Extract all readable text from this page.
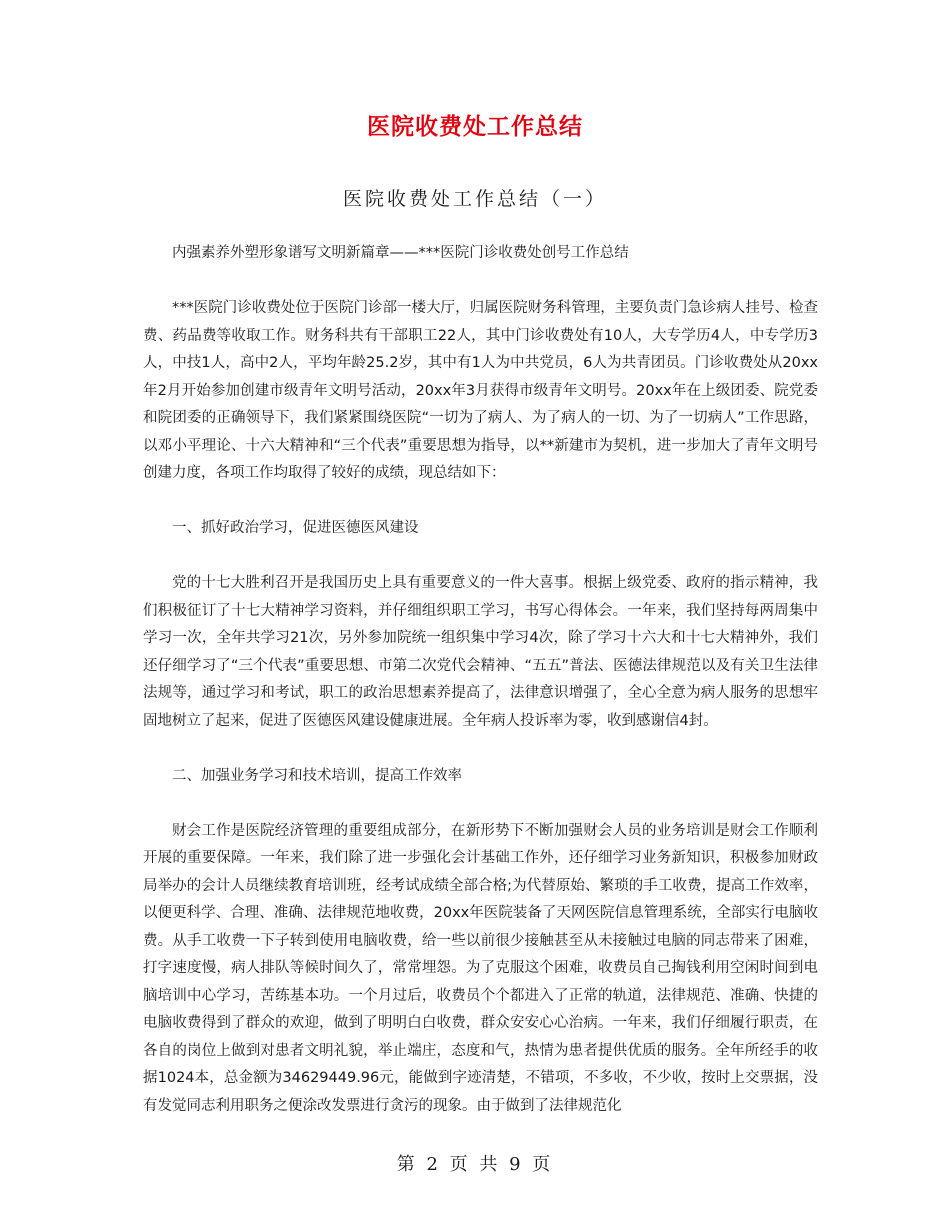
医院收费处工作总结
医院收费处工作总结（一）

内强素养外塑形象谱写文明新篇章——***医院门诊收费处创号工作总结

***医院门诊收费处位于医院门诊部一楼大厅，归属医院财务科管理，主要负责门急诊病人挂号、检查费、药品费等收取工作。财务科共有干部职工22人，其中门诊收费处有10人，大专学历4人，中专学历3人，中技1人，高中2人，平均年龄25.2岁，其中有1人为中共党员，6人为共青团员。门诊收费处从20xx年2月开始参加创建市级青年文明号活动，20xx年3月获得市级青年文明号。20xx年在上级团委、院党委和院团委的正确领导下，我们紧紧围绕医院“一切为了病人、为了病人的一切、为了一切病人”工作思路，以邓小平理论、十六大精神和“三个代表”重要思想为指导，以**新建市为契机，进一步加大了青年文明号创建力度，各项工作均取得了较好的成绩，现总结如下：

一、抓好政治学习，促进医德医风建设

党的十七大胜利召开是我国历史上具有重要意义的一件大喜事。根据上级党委、政府的指示精神，我们积极征订了十七大精神学习资料，并仔细组织职工学习，书写心得体会。一年来，我们坚持每两周集中学习一次，全年共学习21次，另外参加院统一组织集中学习4次，除了学习十六大和十七大精神外，我们还仔细学习了“三个代表”重要思想、市第二次党代会精神、“五五”普法、医德法律规范以及有关卫生法律法规等，通过学习和考试，职工的政治思想素养提高了，法律意识增强了，全心全意为病人服务的思想牢固地树立了起来，促进了医德医风建设健康进展。全年病人投诉率为零，收到感谢信4封。

二、加强业务学习和技术培训，提高工作效率

财会工作是医院经济管理的重要组成部分，在新形势下不断加强财会人员的业务培训是财会工作顺利开展的重要保障。一年来，我们除了进一步强化会计基础工作外，还仔细学习业务新知识，积极参加财政局举办的会计人员继续教育培训班，经考试成绩全部合格;为代替原始、繁琐的手工收费，提高工作效率，以便更科学、合理、准确、法律规范地收费，20xx年医院装备了天网医院信息管理系统，全部实行电脑收费。从手工收费一下子转到使用电脑收费，给一些以前很少接触甚至从未接触过电脑的同志带来了困难，打字速度慢，病人排队等候时间久了，常常埋怨。为了克服这个困难，收费员自己掏钱利用空闲时间到电脑培训中心学习，苦练基本功。一个月过后，收费员个个都进入了正常的轨道，法律规范、准确、快捷的电脑收费得到了群众的欢迎，做到了明明白白收费，群众安安心心治病。一年来，我们仔细履行职责，在各自的岗位上做到对患者文明礼貌，举止端庄，态度和气，热情为患者提供优质的服务。全年所经手的收据1024本，总金额为34629449.96元，能做到字迹清楚，不错项，不多收，不少收，按时上交票据，没有发觉同志利用职务之便涂改发票进行贪污的现象。由于做到了法律规范化

第 2 页 共 9 页
